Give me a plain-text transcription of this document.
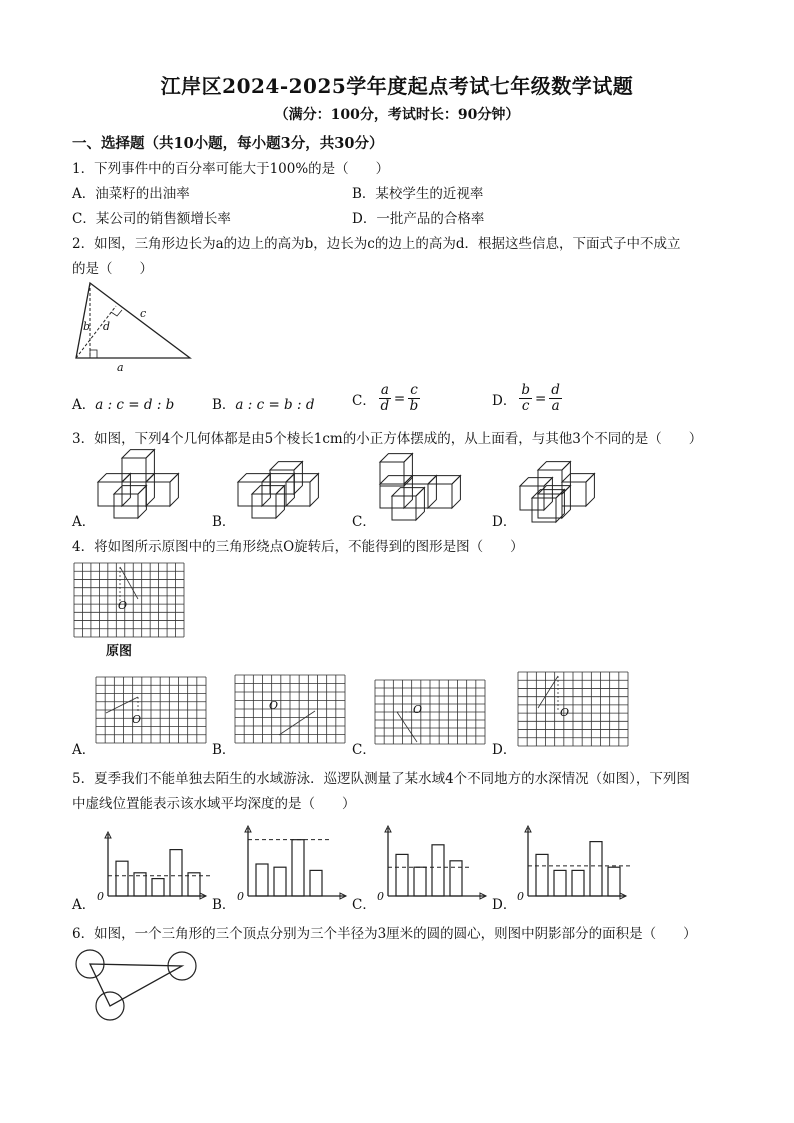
江岸区2024-2025学年度起点考试七年级数学试题
（满分：100分，考试时长：90分钟）
一、选择题（共10小题，每小题3分，共30分）
1．下列事件中的百分率可能大于100%的是（　　）
A．油菜籽的出油率	B．某校学生的近视率
C．某公司的销售额增长率	D．一批产品的合格率
2．如图，三角形边长为a的边上的高为b，边长为c的边上的高为d．根据这些信息，下面式子中不成立
的是（　　）
b
c
d
a
A．a : c = d : b	B．a : c = b : d	C． $\frac{a}{d} = \frac{c}{b}$	D． $\frac{b}{c} = \frac{d}{a}$
3．如图，下列4个几何体都是由5个棱长1cm的小正方体摆成的，从上面看，与其他3个不同的是（　　）
A．	B．	C．	D．
4．将如图所示原图中的三角形绕点O旋转后，不能得到的图形是图（　　）
O
原图
O
O	O	O
A．	B．	C．	D．
5．夏季我们不能单独去陌生的水域游泳．巡逻队测量了某水域4个不同地方的水深情况（如图），下列图
中虚线位置能表示该水域平均深度的是（　　）
0	0	0	0
A．	B．	C．	D．
6．如图，一个三角形的三个顶点分别为三个半径为3厘米的圆的圆心，则图中阴影部分的面积是（　　）
